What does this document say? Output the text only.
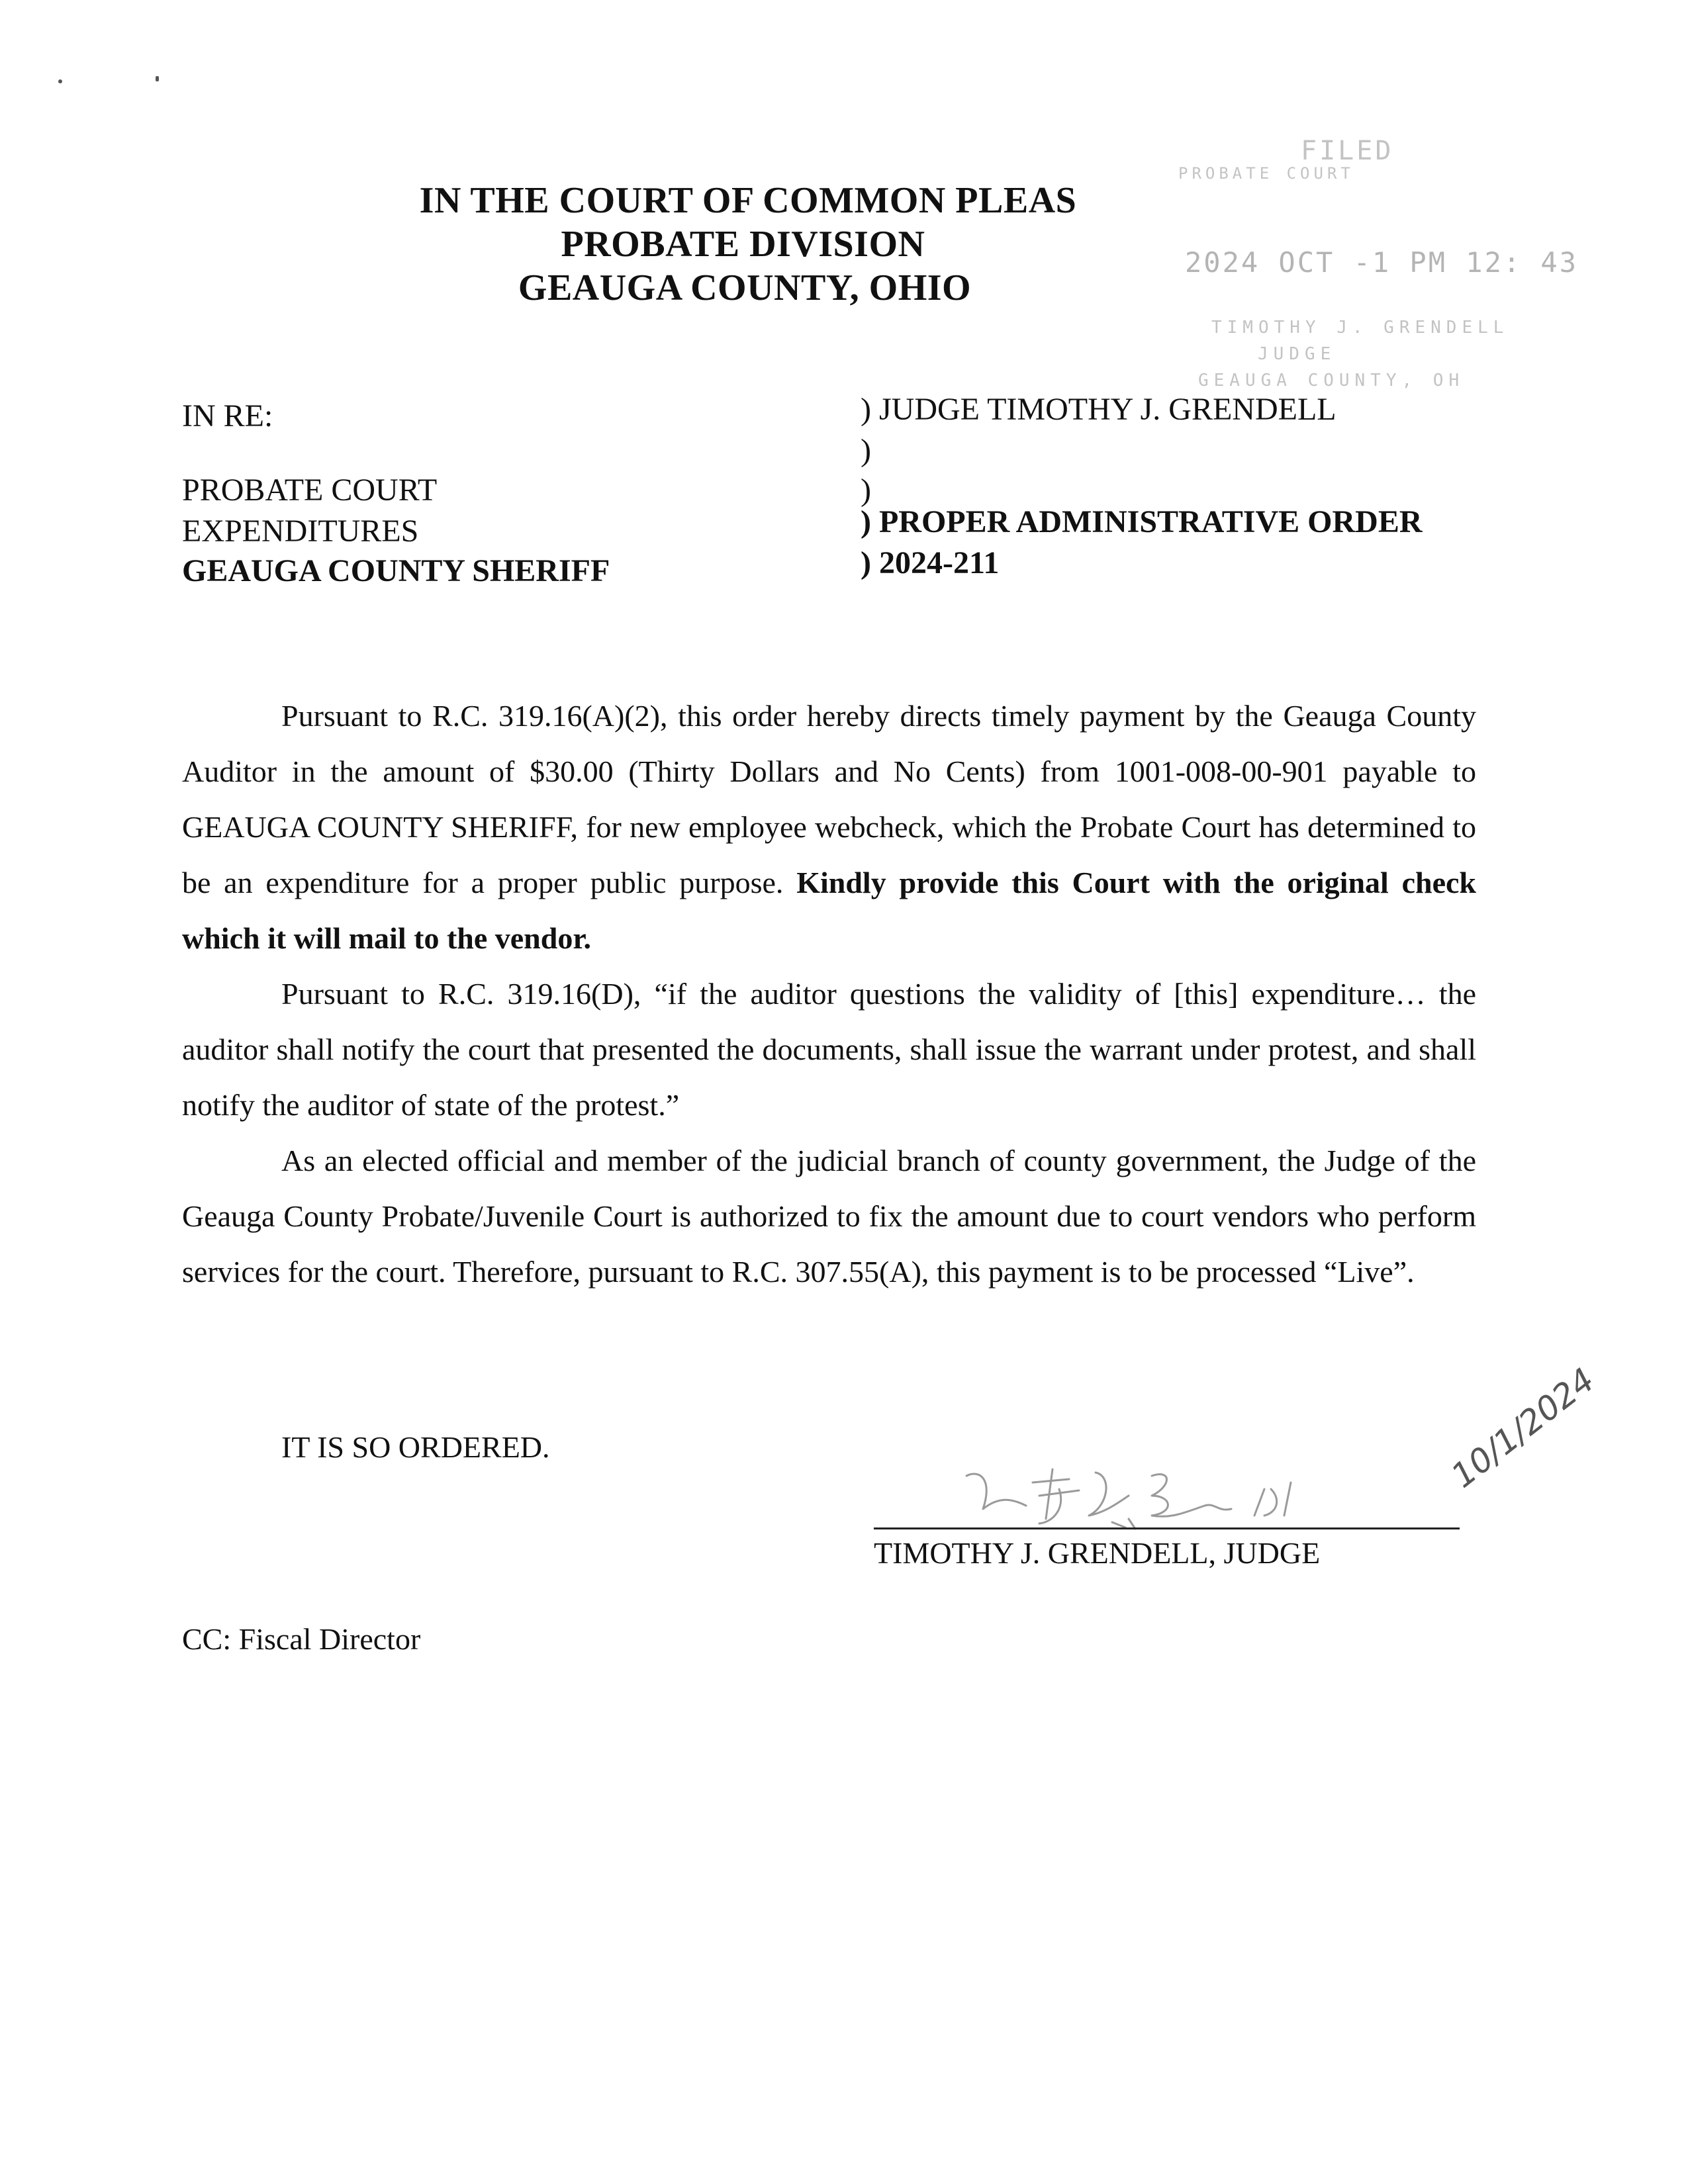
IN THE COURT OF COMMON PLEAS
PROBATE DIVISION
GEAUGA COUNTY, OHIO
FILED
PROBATE COURT
2024 OCT -1 PM 12: 43
TIMOTHY J. GRENDELL
JUDGE
GEAUGA COUNTY, OH
IN RE:
PROBATE COURT
EXPENDITURES
GEAUGA COUNTY SHERIFF
) JUDGE TIMOTHY J. GRENDELL
)
)
) PROPER ADMINISTRATIVE ORDER
) 2024-211

Pursuant to R.C. 319.16(A)(2), this order hereby directs timely payment by the Geauga County Auditor in the amount of $30.00 (Thirty Dollars and No Cents) from 1001-008-00-901 payable to GEAUGA COUNTY SHERIFF, for new employee webcheck, which the Probate Court has determined to be an expenditure for a proper public purpose. Kindly provide this Court with the original check which it will mail to the vendor.

Pursuant to R.C. 319.16(D), “if the auditor questions the validity of [this] expenditure… the auditor shall notify the court that presented the documents, shall issue the warrant under protest, and shall notify the auditor of state of the protest.”

As an elected official and member of the judicial branch of county government, the Judge of the Geauga County Probate/Juvenile Court is authorized to fix the amount due to court vendors who perform services for the court. Therefore, pursuant to R.C. 307.55(A), this payment is to be processed “Live”.

IT IS SO ORDERED.	10/1/2024
TIMOTHY J. GRENDELL, JUDGE
CC: Fiscal Director
